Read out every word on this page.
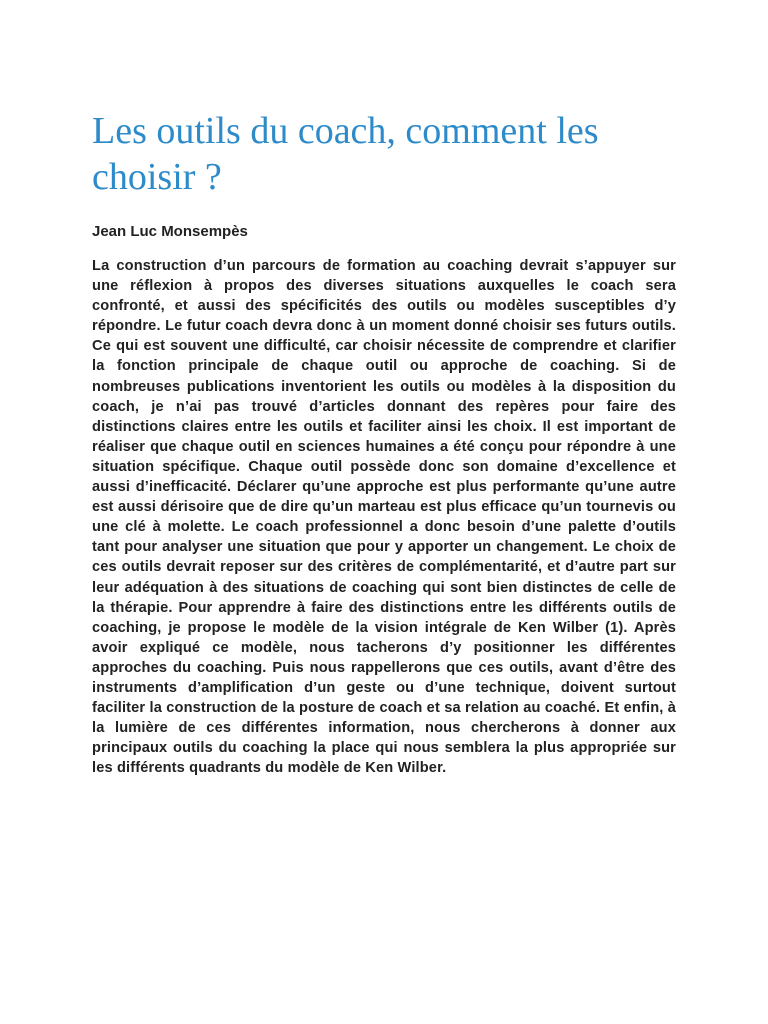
Les outils du coach, comment les choisir ?

Jean Luc Monsempès

La construction d’un parcours de formation au coaching devrait s’appuyer sur une réflexion à propos des diverses situations auxquelles le coach sera confronté, et aussi des spécificités des outils ou modèles susceptibles d’y répondre. Le futur coach devra donc à un moment donné choisir ses futurs outils. Ce qui est souvent une difficulté, car choisir nécessite de comprendre et clarifier la fonction principale de chaque outil ou approche de coaching. Si de nombreuses publications inventorient les outils ou modèles à la disposition du coach, je n’ai pas trouvé d’articles donnant des repères pour faire des distinctions claires entre les outils et faciliter ainsi les choix. Il est important de réaliser que chaque outil en sciences humaines a été conçu pour répondre à une situation spécifique. Chaque outil possède donc son domaine d’excellence et aussi d’inefficacité. Déclarer qu’une approche est plus performante qu’une autre est aussi dérisoire que de dire qu’un marteau est plus efficace qu’un tournevis ou une clé à molette. Le coach professionnel a donc besoin d’une palette d’outils tant pour analyser une situation que pour y apporter un changement. Le choix de ces outils devrait reposer sur des critères de complémentarité, et d’autre part sur leur adéquation à des situations de coaching qui sont bien distinctes de celle de la thérapie. Pour apprendre à faire des distinctions entre les différents outils de coaching, je propose le modèle de la vision intégrale de Ken Wilber (1). Après avoir expliqué ce modèle, nous tacherons d’y positionner les différentes approches du coaching. Puis nous rappellerons que ces outils, avant d’être des instruments d’amplification d’un geste ou d’une technique, doivent surtout faciliter la construction de la posture de coach et sa relation au coaché. Et enfin, à la lumière de ces différentes information, nous chercherons à donner aux principaux outils du coaching la place qui nous semblera la plus appropriée sur les différents quadrants du modèle de Ken Wilber.
